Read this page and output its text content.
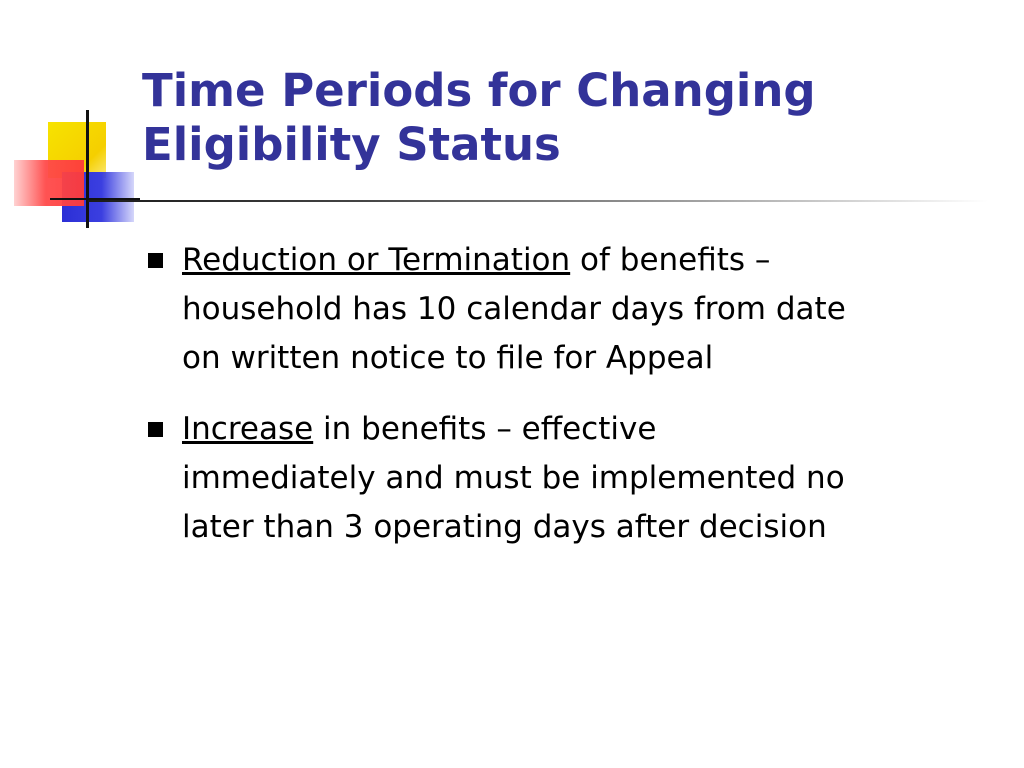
Time Periods for Changing
Eligibility Status
Reduction or Termination of benefits –
household has 10 calendar days from date
on written notice to file for Appeal
Increase in benefits – effective
immediately and must be implemented no
later than 3 operating days after decision
